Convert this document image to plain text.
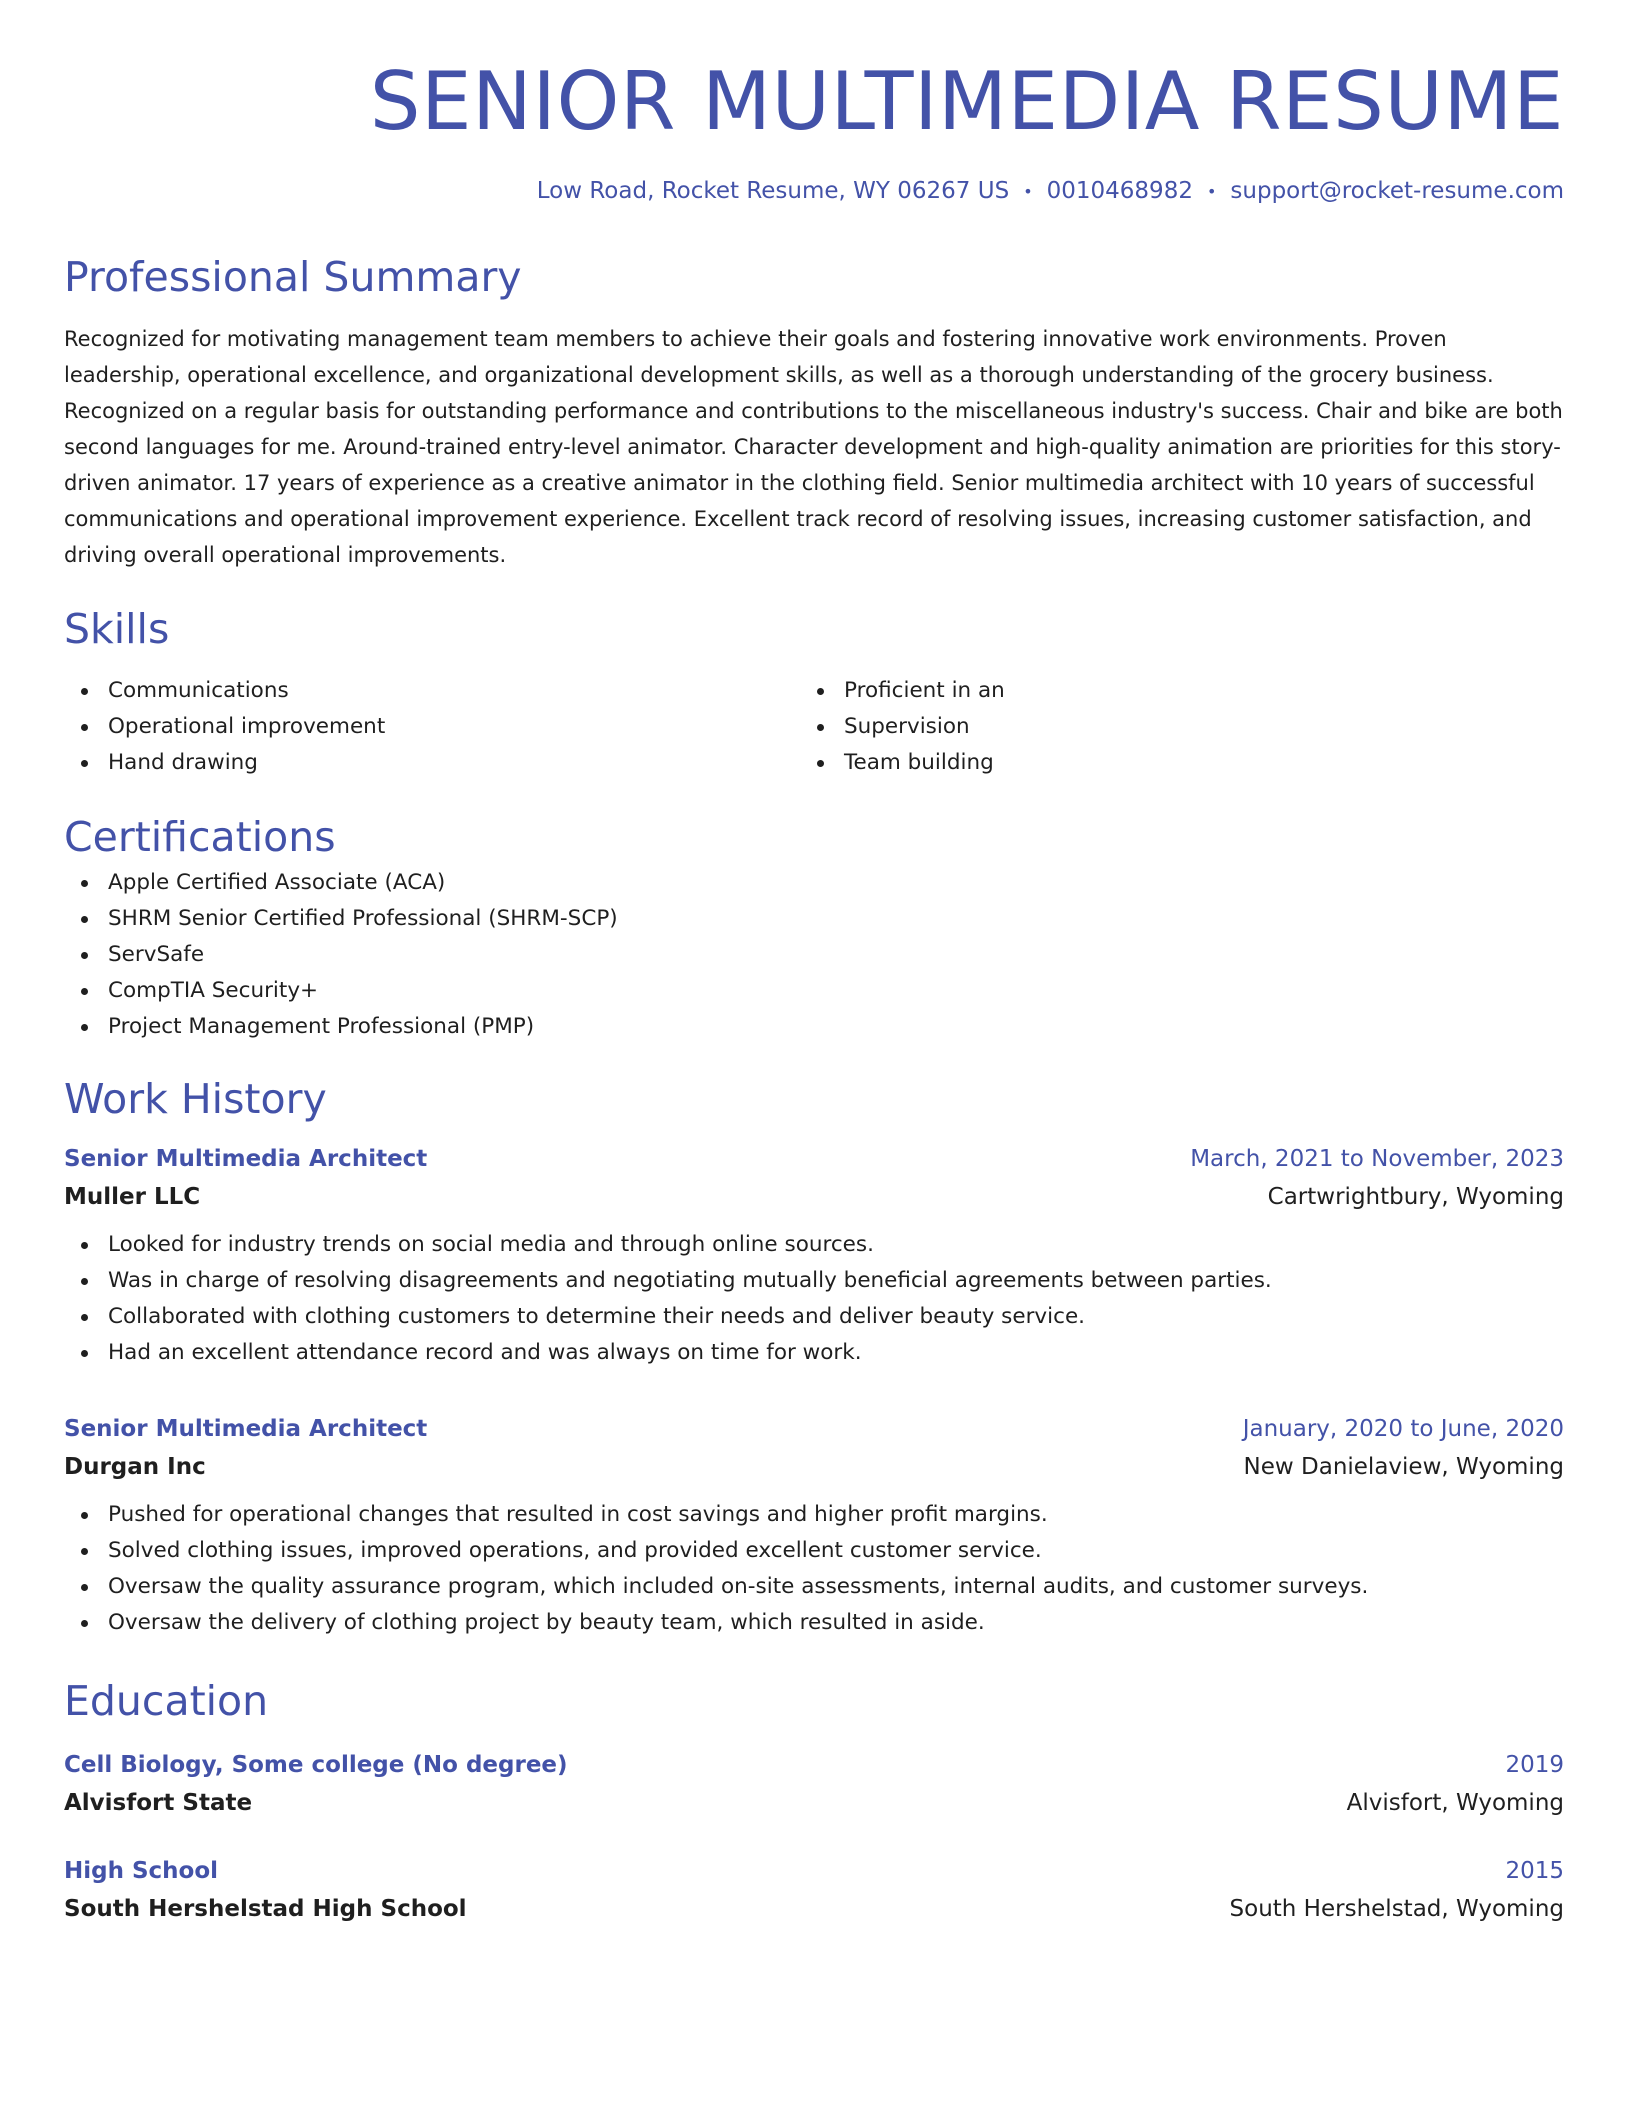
SENIOR MULTIMEDIA RESUME
Low Road, Rocket Resume, WY 06267 US • 0010468982 • support@rocket-resume.com
Professional Summary

Recognized for motivating management team members to achieve their goals and fostering innovative work environments. Proven leadership, operational excellence, and organizational development skills, as well as a thorough understanding of the grocery business. Recognized on a regular basis for outstanding performance and contributions to the miscellaneous industry's success. Chair and bike are both second languages for me. Around-trained entry-level animator. Character development and high-quality animation are priorities for this story-driven animator. 17 years of experience as a creative animator in the clothing field. Senior multimedia architect with 10 years of successful communications and operational improvement experience. Excellent track record of resolving issues, increasing customer satisfaction, and driving overall operational improvements.

Skills
Communications
Operational improvement
Hand drawing
Proficient in an
Supervision
Team building
Certifications
Apple Certified Associate (ACA)
SHRM Senior Certified Professional (SHRM-SCP)
ServSafe
CompTIA Security+
Project Management Professional (PMP)
Work History
Senior Multimedia Architect	March, 2021 to November, 2023
Muller LLC	Cartwrightbury, Wyoming
Looked for industry trends on social media and through online sources.
Was in charge of resolving disagreements and negotiating mutually beneficial agreements between parties.
Collaborated with clothing customers to determine their needs and deliver beauty service.
Had an excellent attendance record and was always on time for work.
Senior Multimedia Architect	January, 2020 to June, 2020
Durgan Inc	New Danielaview, Wyoming
Pushed for operational changes that resulted in cost savings and higher profit margins.
Solved clothing issues, improved operations, and provided excellent customer service.
Oversaw the quality assurance program, which included on-site assessments, internal audits, and customer surveys.
Oversaw the delivery of clothing project by beauty team, which resulted in aside.
Education
Cell Biology, Some college (No degree)	2019
Alvisfort State	Alvisfort, Wyoming
High School	2015
South Hershelstad High School	South Hershelstad, Wyoming
